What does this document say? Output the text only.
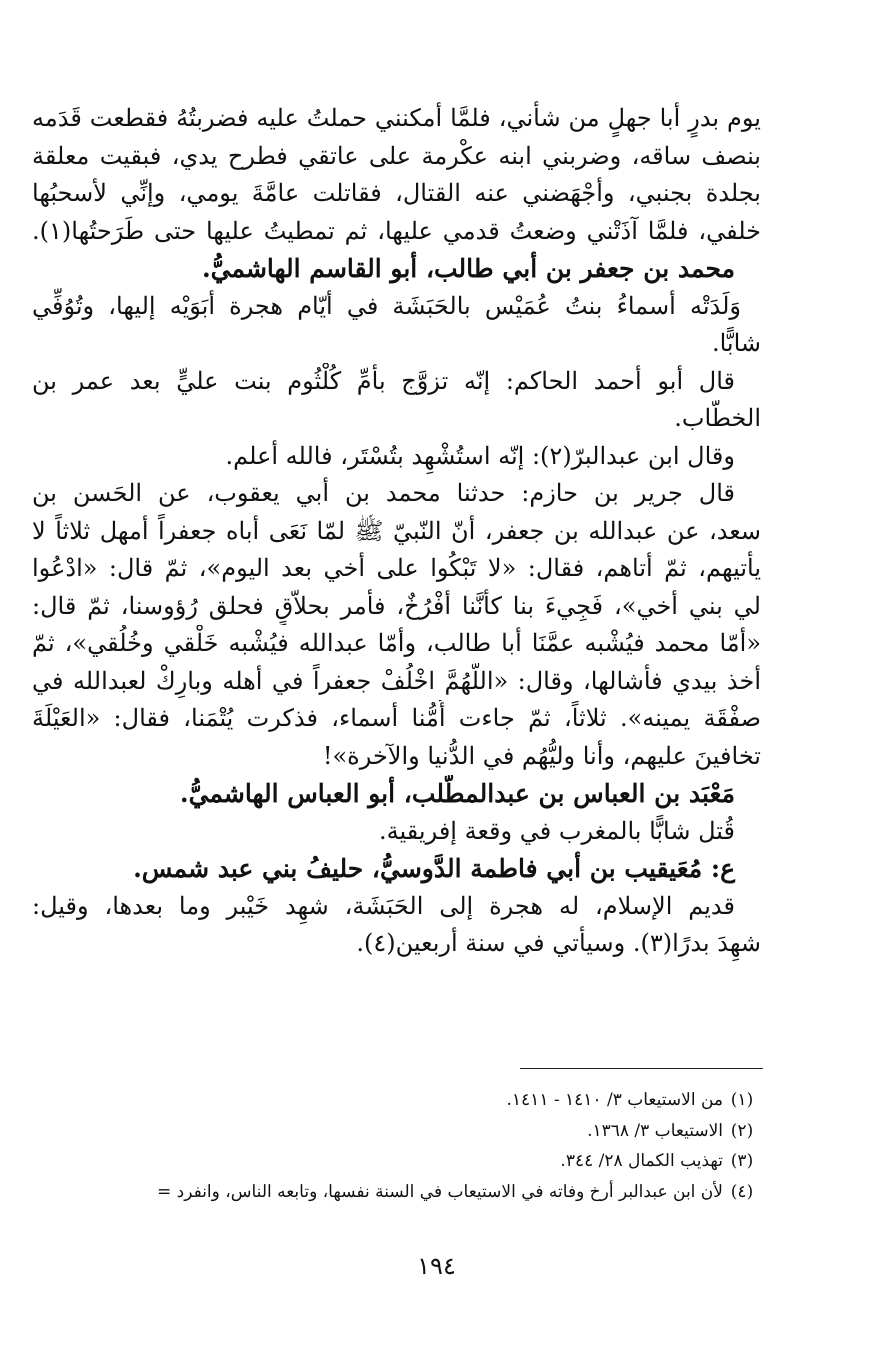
يوم بدرٍ أبا جهلٍ من شأني، فلمَّا أمكنني حملتُ عليه فضربتُهُ فقطعت قَدَمه
بنصف ساقه، وضربني ابنه عكْرمة على عاتقي فطرح يدي، فبقيت معلقة
بجلدة بجنبي، وأجْهَضني عنه القتال، فقاتلت عامَّةَ يومي، وإنِّي لأسحبُها
خلفي، فلمَّا آذَتْني وضعتُ قدمي عليها، ثم تمطيتُ عليها حتى طَرَحتُها(١).
محمد بن جعفر بن أبي طالب، أبو القاسم الهاشميُّ.
وَلَدَتْه أسماءُ بنتُ عُمَيْس بالحَبَشَة في أيّام هجرة أبَوَيْه إليها، وتُوُفِّي
شابًّا.
قال أبو أحمد الحاكم: إنّه تزوَّج بأمِّ كُلْثُوم بنت عليٍّ بعد عمر بن
الخطَّاب.
وقال ابن عبدالبرّ(٢): إنّه استُشْهِد بتُسْتَر، فالله أعلم.
قال جرير بن حازم: حدثنا محمد بن أبي يعقوب، عن الحَسن بن
سعد، عن عبدالله بن جعفر، أنّ النّبيّ ﷺ لمّا نَعَى أباه جعفراً أمهل ثلاثاً لا
يأتيهم، ثمّ أتاهم، فقال: «لا تَبْكُوا على أخي بعد اليوم»، ثمّ قال: «ادْعُوا
لي بني أخي»، فَجِيءَ بنا كأنَّنا أفْرُخٌ، فأمر بحلاّقٍ فحلق رُؤوسنا، ثمّ قال:
«أمّا محمد فيُشْبه عمَّنَا أبا طالب، وأمّا عبدالله فيُشْبه خَلْقي وخُلُقي»، ثمّ
أخذ بيدي فأشالها، وقال: «اللّهُمَّ اخْلُفْ جعفراً في أهله وبارِكْ لعبدالله في
صفْقَة يمينه». ثلاثاً، ثمّ جاءت أُمُّنا أسماء، فذكرت يُتْمَنا، فقال: «العَيْلَةَ
تخافينَ عليهم، وأنا وليُّهُم في الدُّنيا والآخرة»!
مَعْبَد بن العباس بن عبدالمطَّلب، أبو العباس الهاشميُّ.
قُتل شابًّا بالمغرب في وقعة إفريقية.
ع: مُعَيقيب بن أبي فاطمة الدَّوسيُّ، حليفُ بني عبد شمس.
قديم الإسلام، له هجرة إلى الحَبَشَة، شهِد خَيْبر وما بعدها، وقيل:
شهِدَ بدرًا(٣). وسيأتي في سنة أربعين(٤).
(١)
من الاستيعاب ٣/ ١٤١٠ - ١٤١١.
(٢)
الاستيعاب ٣/ ١٣٦٨.
(٣)
تهذيب الكمال ٢٨/ ٣٤٤.
(٤)
لأن ابن عبدالبر أرخ وفاته في الاستيعاب في السنة نفسها، وتابعه الناس، وانفرد =
١٩٤
